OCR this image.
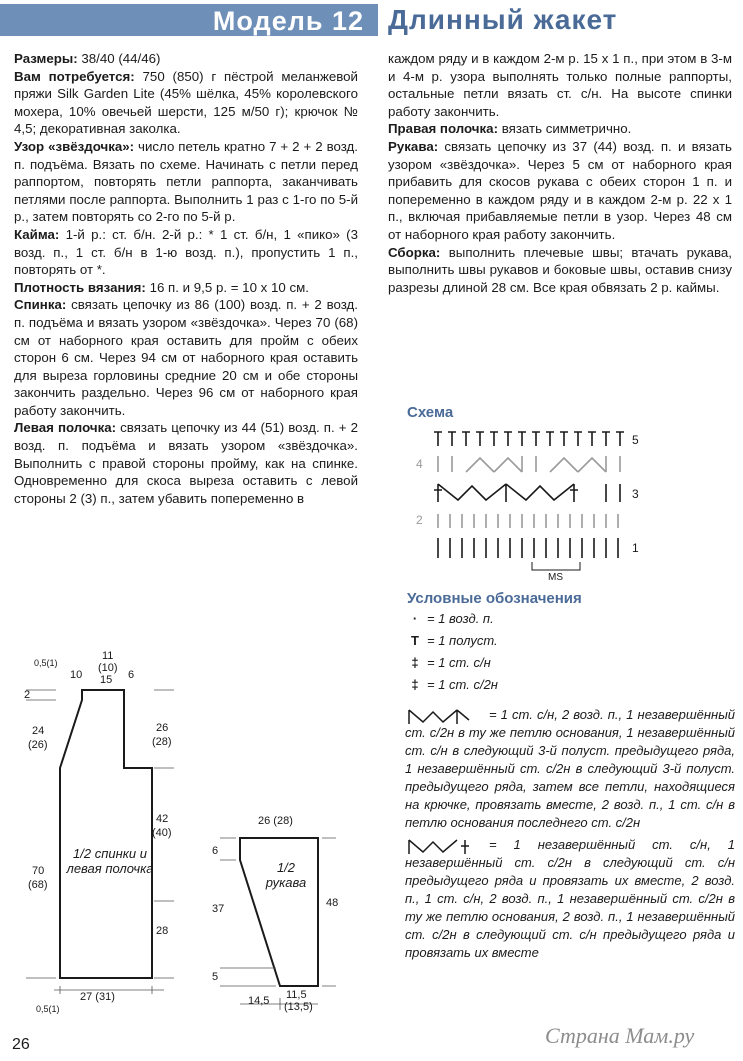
Модель 12 Длинный жакет

Размеры: 38/40 (44/46)

Вам потребуется: 750 (850) г пёстрой меланжевой пряжи Silk Garden Lite (45% шёлка, 45% королевского мохера, 10% овечьей шерсти, 125 м/50 г); крючок № 4,5; декоративная заколка.

Узор «звёздочка»: число петель кратно 7 + 2 + 2 возд. п. подъёма. Вязать по схеме. Начинать с петли перед раппортом, повторять петли раппорта, заканчивать петлями после раппорта. Выполнить 1 раз с 1-го по 5-й р., затем повторять со 2-го по 5-й р.

Кайма: 1-й р.: ст. б/н. 2-й р.: * 1 ст. б/н, 1 «пико» (3 возд. п., 1 ст. б/н в 1-ю возд. п.), пропустить 1 п., повторять от *.

Плотность вязания: 16 п. и 9,5 р. = 10 х 10 см.

Спинка: связать цепочку из 86 (100) возд. п. + 2 возд. п. подъёма и вязать узором «звёздочка». Через 70 (68) см от наборного края оставить для пройм с обеих сторон 6 см. Через 94 см от наборного края оставить для выреза горловины средние 20 см и обе стороны закончить раздельно. Через 96 см от наборного края работу закончить.

Левая полочка: связать цепочку из 44 (51) возд. п. + 2 возд. п. подъёма и вязать узором «звёздочка». Выполнить с правой стороны пройму, как на спинке. Одновременно для скоса выреза оставить с левой стороны 2 (3) п., затем убавить попеременно в

каждом ряду и в каждом 2-м р. 15 х 1 п., при этом в 3-м и 4-м р. узора выполнять только полные раппорты, остальные петли вязать ст. с/н. На высоте спинки работу закончить.

Правая полочка: вязать симметрично.

Рукава: связать цепочку из 37 (44) возд. п. и вязать узором «звёздочка». Через 5 см от наборного края прибавить для скосов рукава с обеих сторон 1 п. и попеременно в каждом ряду и в каждом 2-м р. 22 х 1 п., включая прибавляемые петли в узор. Через 48 см от наборного края работу закончить.

Сборка: выполнить плечевые швы; втачать рукава, выполнить швы рукавов и боковые швы, оставив снизу разрезы длиной 28 см. Все края обвязать 2 р. каймы.

Схема
5
4
3
2
1
MS
Условные обозначения
· = 1 возд. п.
T = 1 полуст.
‡ = 1 ст. с/н
‡ = 1 ст. с/2н
= 1 ст. с/н, 2 возд. п., 1 незавершённый ст. с/2н в ту же петлю основания, 1 незавершённый ст. с/н в следующий 3-й полуст. предыдущего ряда, 1 незавершённый ст. с/2н в следующий 3-й полуст. предыдущего ряда, затем все петли, находящиеся на крючке, провязать вместе, 2 возд. п., 1 ст. с/н в петлю основания последнего ст. с/2н
= 1 незавершённый ст. с/н, 1 незавершённый ст. с/2н в следующий ст. с/н предыдущего ряда и провязать их вместе, 2 возд. п., 1 ст. с/н, 2 возд. п., 1 незавершённый ст. с/2н в ту же петлю основания, 2 возд. п., 1 незавершённый ст. с/2н в следующий ст. с/н предыдущего ряда и провязать их вместе
0,5(1)
11
(10)
15 6
10
2
24
(26)
70
(68)
26
(28)
42
(40)
28
27 (31)
0,5(1)
1/2 спинки и левая полочка
26 (28)
6
37
5
48
14,5 11,5
(13,5)
1/2 рукава
26	Страна Мам.ру
